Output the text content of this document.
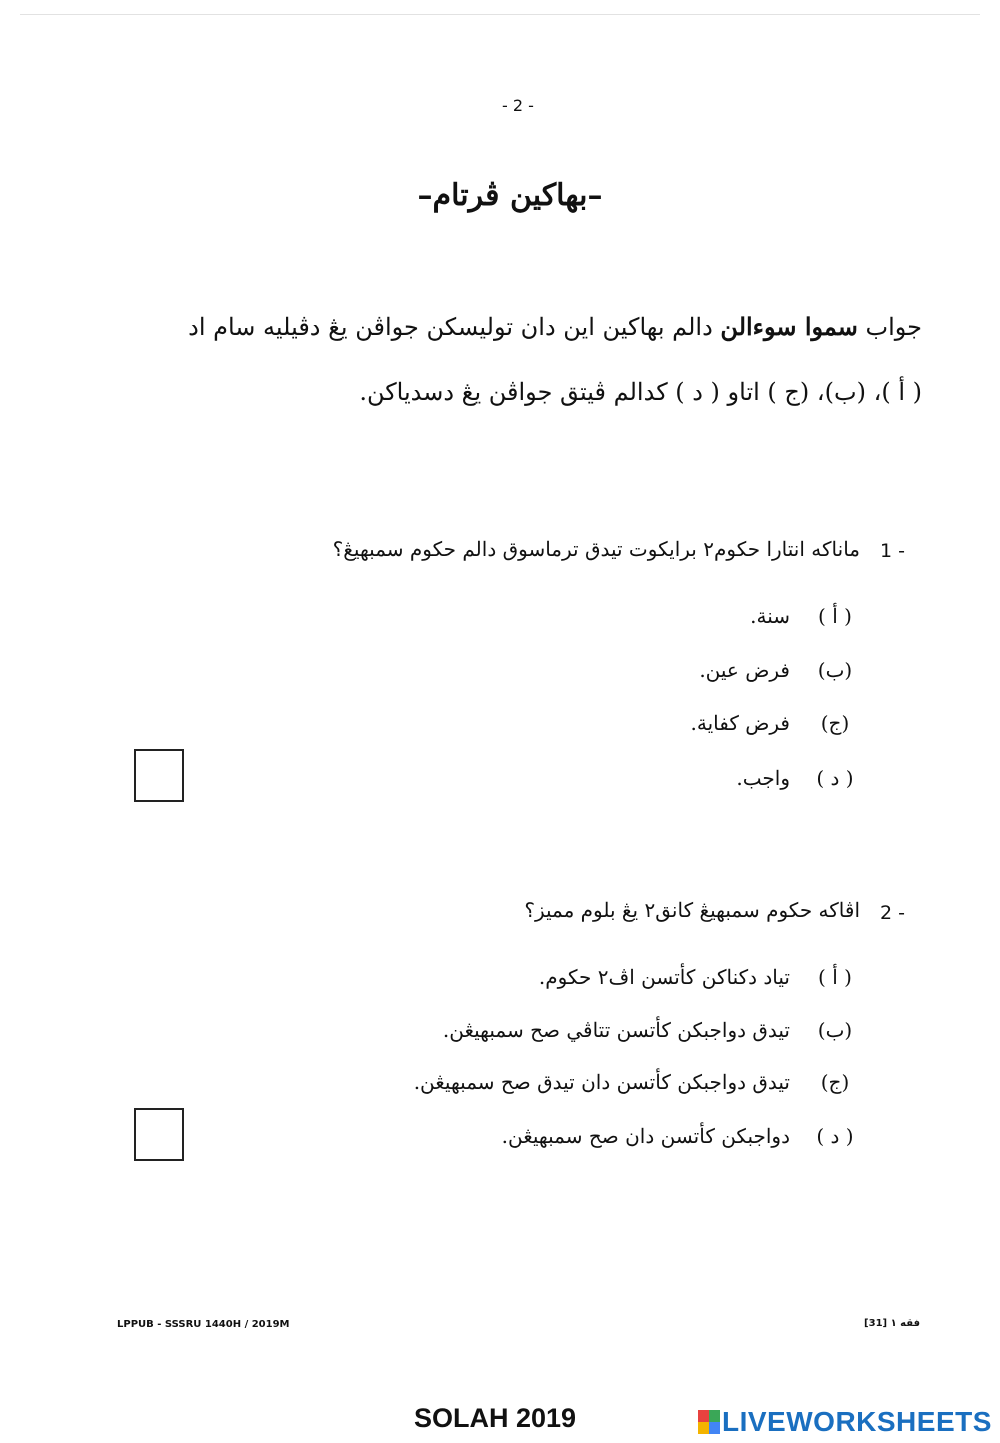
- 2 -
–بهاكين ڤرتام–
جواب سموا سوءالن دالم بهاكين اين دان توليسكن جواڤن يڠ دڤيليه سام اد
( أ )، (ب)، (ج ) اتاو ( د ) كدالم ڤيتق جواڤن يڠ دسدياكن.
1 -
ماناكه انتارا حكوم٢ برايكوت تيدق ترماسوق دالم حكوم سمبهيڠ؟
( أ )
سنة.
(ب)
فرض عين.
(ج)
فرض كفاية.
( د )
واجب.
2 -
اڤاكه حكوم سمبهيڠ كانق٢ يڠ بلوم مميز؟
( أ )
تياد دكناكن كأتسن اڤ٢ حكوم.
(ب)
تيدق دواجبكن كأتسن تتاڤي صح سمبهيڠن.
(ج)
تيدق دواجبكن كأتسن دان تيدق صح سمبهيڠن.
( د )
دواجبكن كأتسن دان صح سمبهيڠن.
LPPUB - SSSRU 1440H / 2019M	فقه ١ [31]
SOLAH 2019	LIVEWORKSHEETS
